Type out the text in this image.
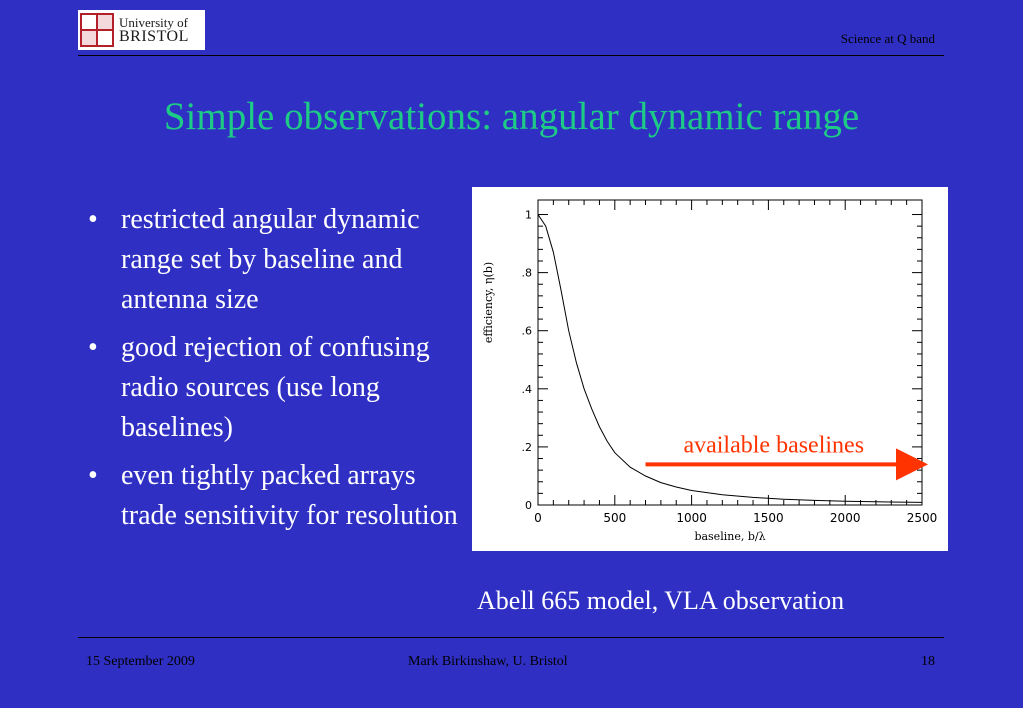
University of
BRISTOL	Science at Q band
Simple observations: angular dynamic range
• restricted angular dynamic range set by baseline and antenna size
• good rejection of confusing radio sources (use long baselines)
• even tightly packed arrays trade sensitivity for resolution	0	500	1000	1500	2000	2500
0
.2
.4
.6
.8
1
baseline, b/λ
efficiency, η(b)
available baselines
Abell 665 model, VLA observation
15 September 2009	Mark Birkinshaw, U. Bristol	18
